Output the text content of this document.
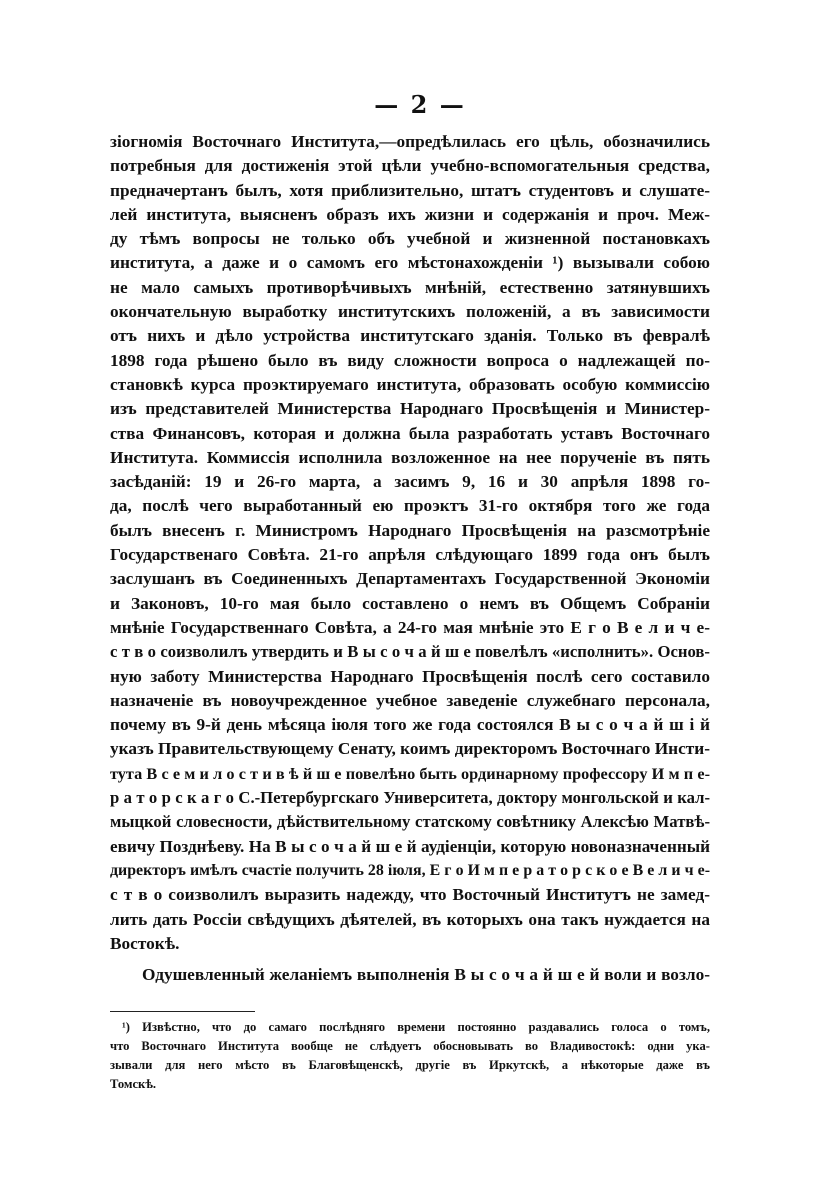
— 2 —
зiогномiя Восточнаго Института,—опредѣлилась его цѣль, обозначились
потребныя для достиженiя этой цѣли учебно-вспомогательныя средства,
предначертанъ былъ, хотя приблизительно, штатъ студентовъ и слушате-
лей института, выясненъ образъ ихъ жизни и содержанiя и проч. Меж-
ду тѣмъ вопросы не только объ учебной и жизненной постановкахъ
института, а даже и о самомъ его мѣстонахожденiи ¹) вызывали собою
не мало самыхъ противорѣчивыхъ мнѣнiй, естественно затянувшихъ
окончательную выработку институтскихъ положенiй, а въ зависимости
отъ нихъ и дѣло устройства институтскаго зданiя. Только въ февралѣ
1898 года рѣшено было въ виду сложности вопроса о надлежащей по-
становкѣ курса проэктируемаго института, образовать особую коммиссiю
изъ представителей Министерства Народнаго Просвѣщенiя и Министер-
ства Финансовъ, которая и должна была разработать уставъ Восточнаго
Института. Коммиссiя исполнила возложенное на нее порученiе въ пять
засѣданiй: 19 и 26-го марта, а засимъ 9, 16 и 30 апрѣля 1898 го-
да, послѣ чего выработанный ею проэктъ 31-го октября того же года
былъ внесенъ г. Министромъ Народнаго Просвѣщенiя на разсмотрѣнiе
Государственаго Совѣта. 21-го апрѣля слѣдующаго 1899 года онъ былъ
заслушанъ въ Соединенныхъ Департаментахъ Государственной Экономiи
и Законовъ, 10-го мая было составлено о немъ въ Общемъ Собранiи
мнѣнiе Государственнаго Совѣта, а 24-го мая мнѣнiе это Е г о В е л и ч е-
с т в о соизволилъ утвердить и В ы с о ч а й ш е повелѣлъ «исполнить». Основ-
ную заботу Министерства Народнаго Просвѣщенiя послѣ сего составило
назначенiе въ новоучрежденное учебное заведенiе служебнаго персонала,
почему въ 9-й день мѣсяца iюля того же года состоялся В ы с о ч а й ш i й
указъ Правительствующему Сенату, коимъ директоромъ Восточнаго Инсти-
тута В с е м и л о с т и в ѣ й ш е повелѣно быть ординарному профессору И м п е-
р а т о р с к а г о С.-Петербургскаго Университета, доктору монгольской и кал-
мыцкой словесности, дѣйствительному статскому совѣтнику Алексѣю Матвѣ-
евичу Позднѣеву. На В ы с о ч а й ш е й аудiенцiи, которую новоназначенный
директоръ имѣлъ счастiе получить 28 iюля, Е г о И м п е р а т о р с к о е В е л и ч е-
с т в о соизволилъ выразить надежду, что Восточный Институтъ не замед-
лить дать Россiи свѣдущихъ дѣятелей, въ которыхъ она такъ нуждается на
Востокѣ.
Одушевленный желанiемъ выполненiя В ы с о ч а й ш е й воли и возло-
¹) Извѣстно, что до самаго послѣдняго времени постоянно раздавались голоса о томъ,
что Восточнаго Института вообще не слѣдуетъ обосновывать во Владивостокѣ: одни ука-
зывали для него мѣсто въ Благовѣщенскѣ, другiе въ Иркутскѣ, а нѣкоторые даже въ
Томскѣ.
